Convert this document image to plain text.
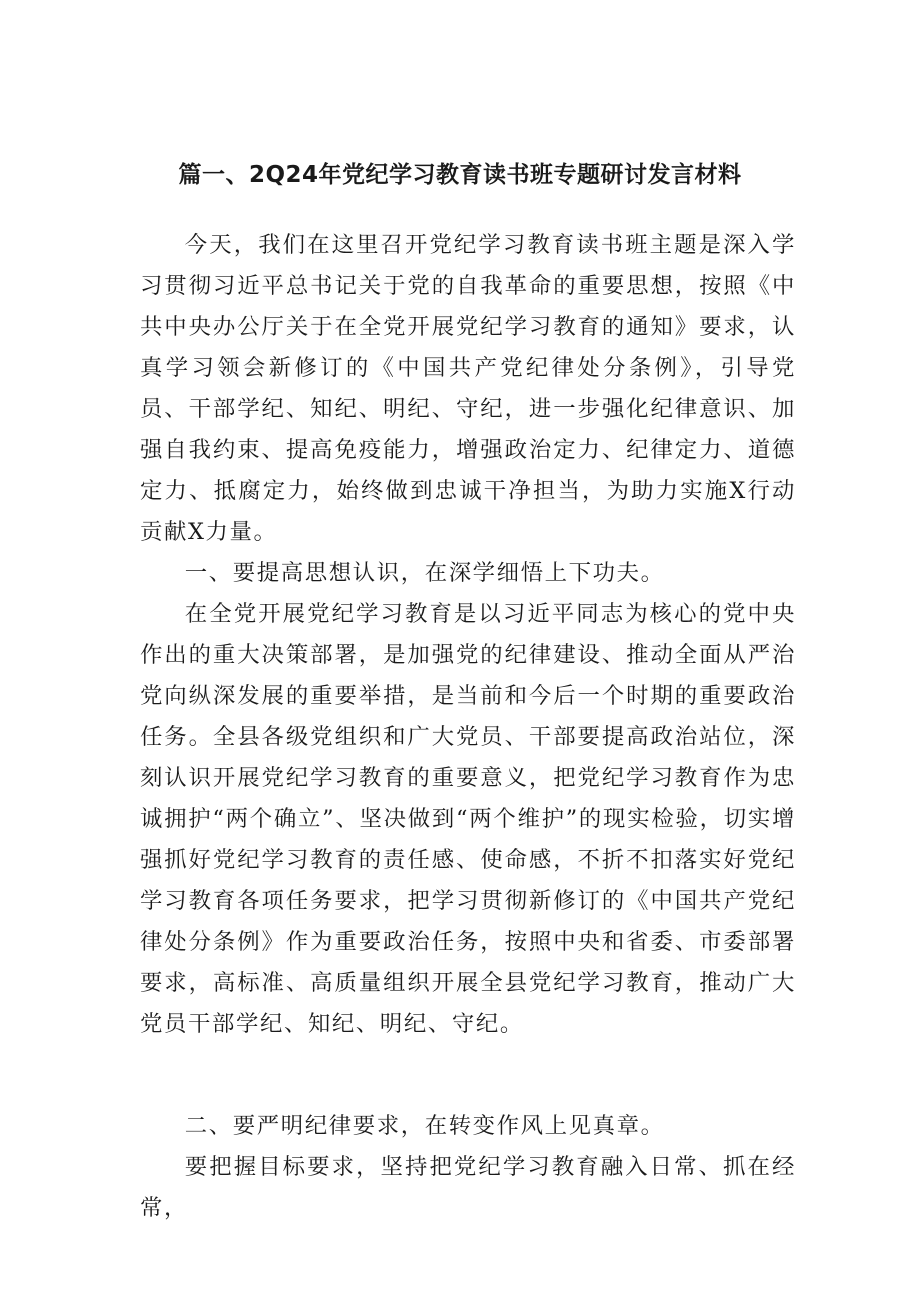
篇一、2Q24年党纪学习教育读书班专题研讨发言材料

今天，我们在这里召开党纪学习教育读书班主题是深入学习贯彻习近平总书记关于党的自我革命的重要思想，按照《中共中央办公厅关于在全党开展党纪学习教育的通知》要求，认真学习领会新修订的《中国共产党纪律处分条例》，引导党员、干部学纪、知纪、明纪、守纪，进一步强化纪律意识、加强自我约束、提高免疫能力，增强政治定力、纪律定力、道德定力、抵腐定力，始终做到忠诚干净担当，为助力实施X行动贡献X力量。

一、要提高思想认识，在深学细悟上下功夫。

在全党开展党纪学习教育是以习近平同志为核心的党中央作出的重大决策部署，是加强党的纪律建设、推动全面从严治党向纵深发展的重要举措，是当前和今后一个时期的重要政治任务。全县各级党组织和广大党员、干部要提高政治站位，深刻认识开展党纪学习教育的重要意义，把党纪学习教育作为忠诚拥护“两个确立”、坚决做到“两个维护”的现实检验，切实增强抓好党纪学习教育的责任感、使命感，不折不扣落实好党纪学习教育各项任务要求，把学习贯彻新修订的《中国共产党纪律处分条例》作为重要政治任务，按照中央和省委、市委部署要求，高标准、高质量组织开展全县党纪学习教育，推动广大党员干部学纪、知纪、明纪、守纪。

二、要严明纪律要求，在转变作风上见真章。

要把握目标要求，坚持把党纪学习教育融入日常、抓在经常，
